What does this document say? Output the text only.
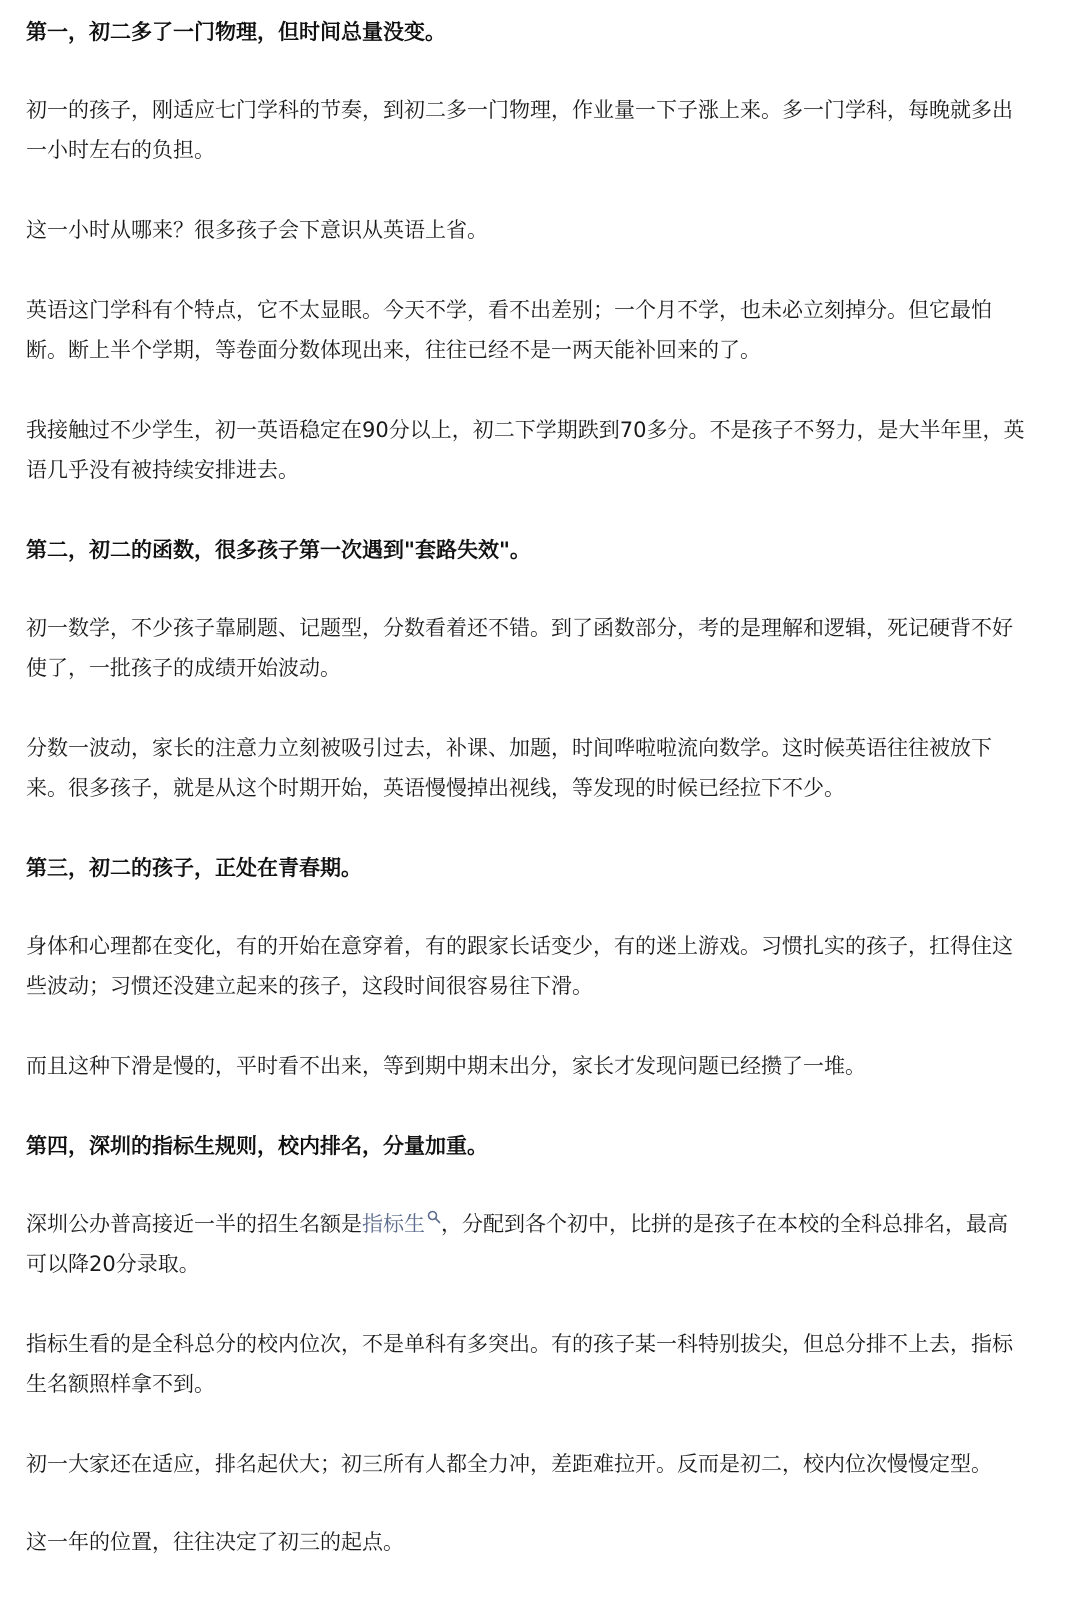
第一，初二多了一门物理，但时间总量没变。

初一的孩子，刚适应七门学科的节奏，到初二多一门物理，作业量一下子涨上来。多一门学科，每晚就多出一小时左右的负担。

这一小时从哪来？很多孩子会下意识从英语上省。

英语这门学科有个特点，它不太显眼。今天不学，看不出差别；一个月不学，也未必立刻掉分。但它最怕断。断上半个学期，等卷面分数体现出来，往往已经不是一两天能补回来的了。

我接触过不少学生，初一英语稳定在90分以上，初二下学期跌到70多分。不是孩子不努力，是大半年里，英语几乎没有被持续安排进去。

第二，初二的函数，很多孩子第一次遇到"套路失效"。

初一数学，不少孩子靠刷题、记题型，分数看着还不错。到了函数部分，考的是理解和逻辑，死记硬背不好使了，一批孩子的成绩开始波动。

分数一波动，家长的注意力立刻被吸引过去，补课、加题，时间哗啦啦流向数学。这时候英语往往被放下来。很多孩子，就是从这个时期开始，英语慢慢掉出视线，等发现的时候已经拉下不少。

第三，初二的孩子，正处在青春期。

身体和心理都在变化，有的开始在意穿着，有的跟家长话变少，有的迷上游戏。习惯扎实的孩子，扛得住这些波动；习惯还没建立起来的孩子，这段时间很容易往下滑。

而且这种下滑是慢的，平时看不出来，等到期中期末出分，家长才发现问题已经攒了一堆。

第四，深圳的指标生规则，校内排名，分量加重。

深圳公办普高接近一半的招生名额是指标生 ，分配到各个初中，比拼的是孩子在本校的全科总排名，最高可以降20分录取。

指标生看的是全科总分的校内位次，不是单科有多突出。有的孩子某一科特别拔尖，但总分排不上去，指标生名额照样拿不到。

初一大家还在适应，排名起伏大；初三所有人都全力冲，差距难拉开。反而是初二，校内位次慢慢定型。

这一年的位置，往往决定了初三的起点。
